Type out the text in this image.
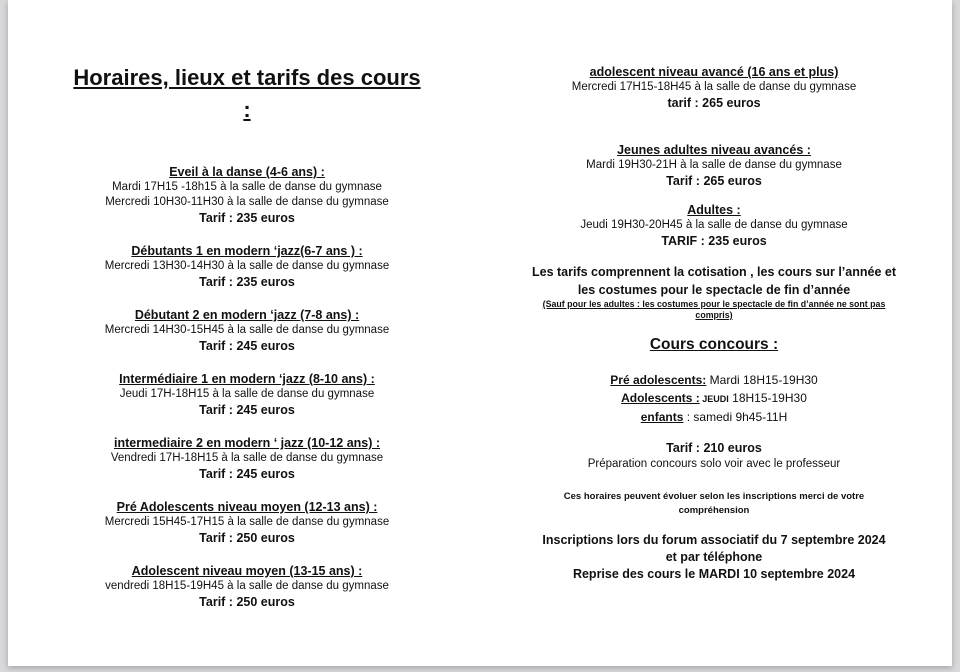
Horaires, lieux et tarifs des cours :
Eveil à la danse (4-6 ans) :
Mardi 17H15 -18h15 à la salle de danse du gymnase
Mercredi 10H30-11H30 à la salle de danse du gymnase
Tarif : 235 euros
Débutants 1 en modern ‘jazz(6-7 ans ) :
Mercredi 13H30-14H30 à la salle de danse du gymnase
Tarif : 235 euros
Débutant 2 en modern ‘jazz (7-8 ans) :
Mercredi 14H30-15H45 à la salle de danse du gymnase
Tarif : 245 euros
Intermédiaire 1 en modern ‘jazz (8-10 ans) :
Jeudi 17H-18H15 à la salle de danse du gymnase
Tarif : 245 euros
intermediaire 2 en modern ‘ jazz (10-12 ans) :
Vendredi 17H-18H15 à la salle de danse du gymnase
Tarif : 245 euros
Pré Adolescents niveau moyen (12-13 ans) :
Mercredi 15H45-17H15 à la salle de danse du gymnase
Tarif : 250 euros
Adolescent niveau moyen (13-15 ans) :
vendredi 18H15-19H45 à la salle de danse du gymnase
Tarif : 250 euros
adolescent niveau avancé (16 ans et plus)
Mercredi 17H15-18H45 à la salle de danse du gymnase
tarif : 265 euros
Jeunes adultes niveau avancés :
Mardi 19H30-21H à la salle de danse du gymnase
Tarif : 265 euros
Adultes :
Jeudi 19H30-20H45 à la salle de danse du gymnase
TARIF : 235 euros
Les tarifs comprennent la cotisation , les cours sur l’année et
les costumes pour le spectacle de fin d’année
(Sauf pour les adultes : les costumes pour le spectacle de fin d’année ne sont pas
compris)
Cours concours :
Pré adolescents: Mardi 18H15-19H30
Adolescents : JEUDI 18H15-19H30
enfants : samedi 9h45-11H
Tarif : 210 euros
Préparation concours solo voir avec le professeur
Ces horaires peuvent évoluer selon les inscriptions merci de votre
compréhension
Inscriptions lors du forum associatif du 7 septembre 2024
et par téléphone
Reprise des cours le MARDI 10 septembre 2024
